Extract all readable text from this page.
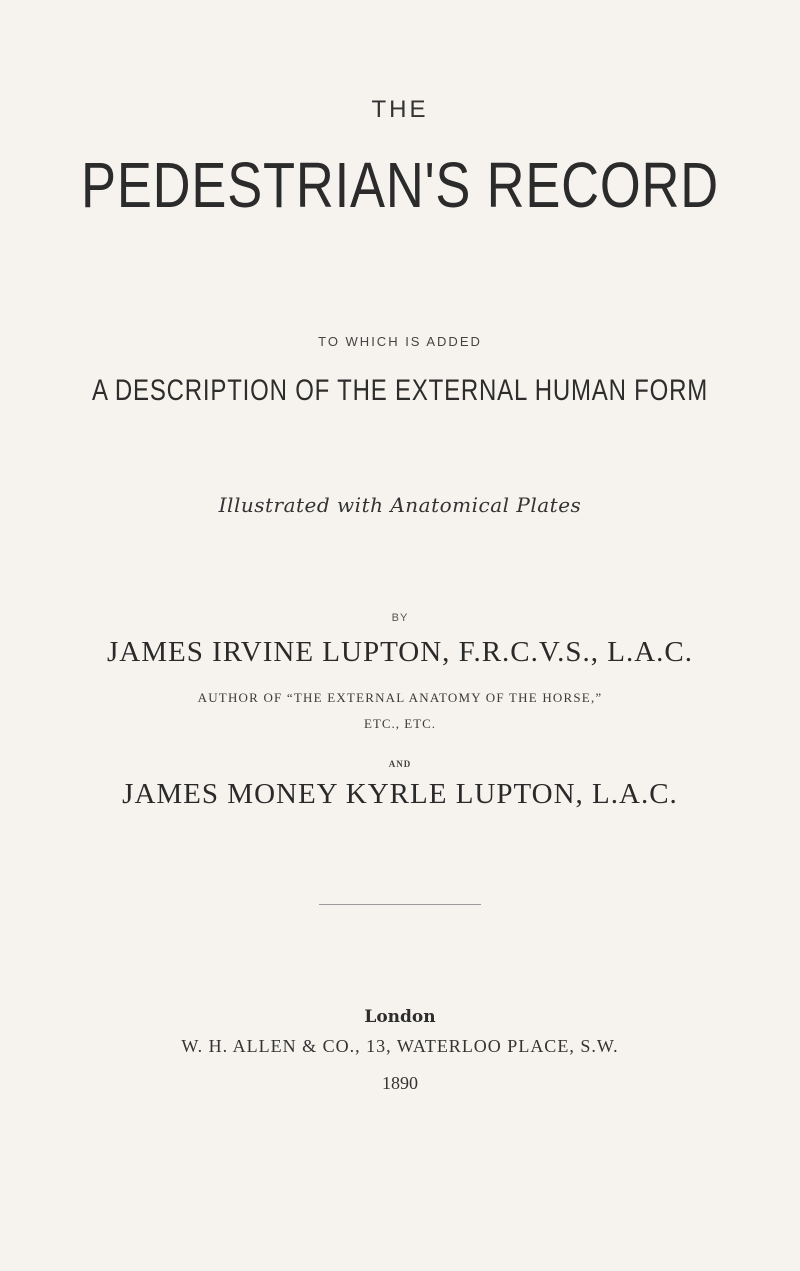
THE
PEDESTRIAN'S RECORD
TO WHICH IS ADDED
A DESCRIPTION OF THE EXTERNAL HUMAN FORM
Illustrated with Anatomical Plates
BY
JAMES IRVINE LUPTON, F.R.C.V.S., L.A.C.
AUTHOR OF “THE EXTERNAL ANATOMY OF THE HORSE,”
ETC., ETC.
AND
JAMES MONEY KYRLE LUPTON, L.A.C.
London
W. H. ALLEN & CO., 13, WATERLOO PLACE, S.W.
1890
